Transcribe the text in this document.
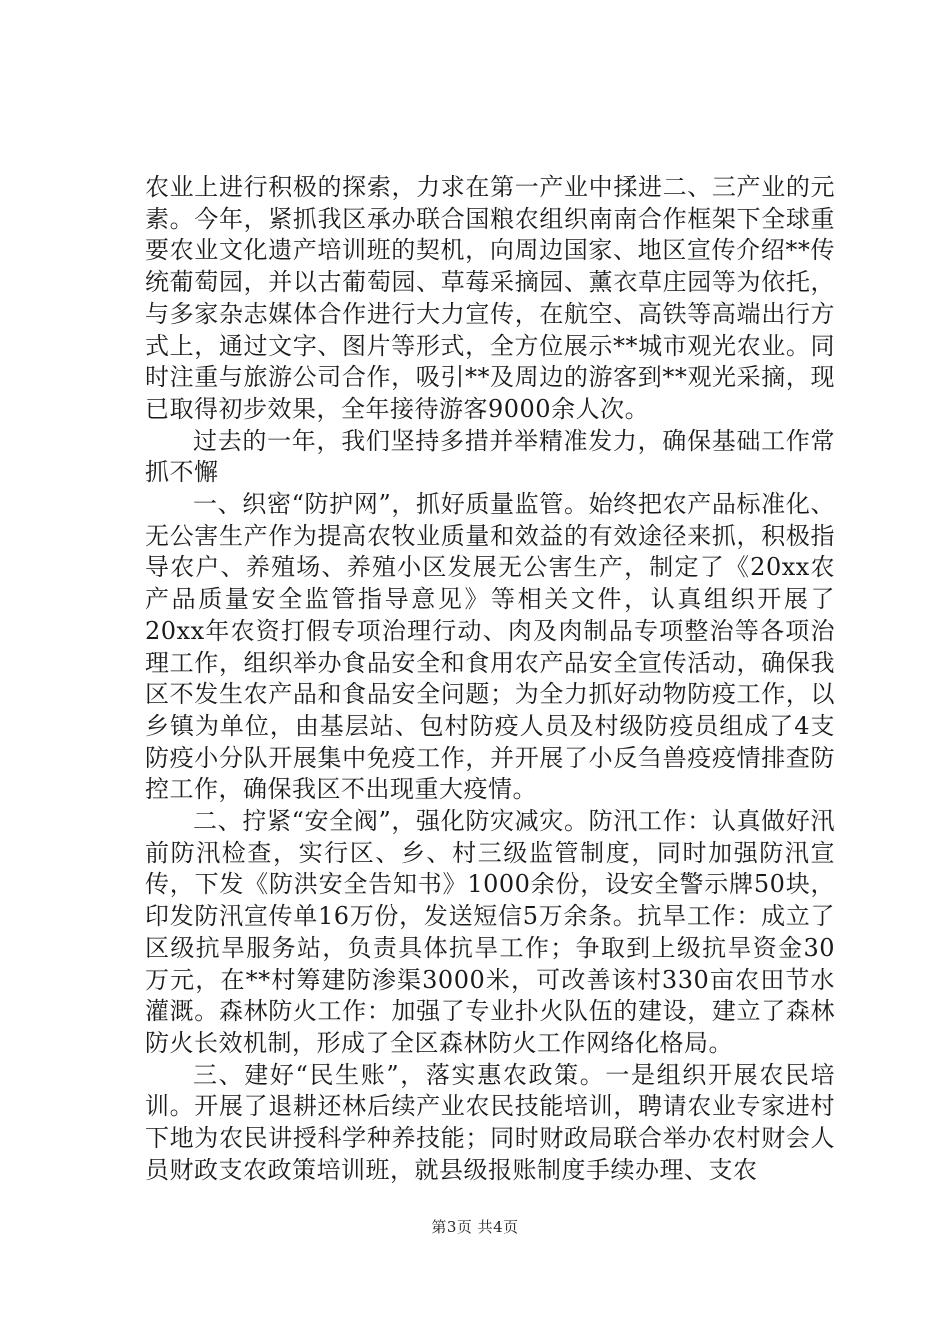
农业上进行积极的探索，力求在第一产业中揉进二、三产业的元素。今年，紧抓我区承办联合国粮农组织南南合作框架下全球重要农业文化遗产培训班的契机，向周边国家、地区宣传介绍**传统葡萄园，并以古葡萄园、草莓采摘园、薰衣草庄园等为依托，与多家杂志媒体合作进行大力宣传，在航空、高铁等高端出行方式上，通过文字、图片等形式，全方位展示**城市观光农业。同时注重与旅游公司合作，吸引**及周边的游客到**观光采摘，现已取得初步效果，全年接待游客9000余人次。

过去的一年，我们坚持多措并举精准发力，确保基础工作常抓不懈

一、织密“防护网”，抓好质量监管。始终把农产品标准化、无公害生产作为提高农牧业质量和效益的有效途径来抓，积极指导农户、养殖场、养殖小区发展无公害生产，制定了《20xx农产品质量安全监管指导意见》等相关文件，认真组织开展了20xx年农资打假专项治理行动、肉及肉制品专项整治等各项治理工作，组织举办食品安全和食用农产品安全宣传活动，确保我区不发生农产品和食品安全问题；为全力抓好动物防疫工作，以乡镇为单位，由基层站、包村防疫人员及村级防疫员组成了4支防疫小分队开展集中免疫工作，并开展了小反刍兽疫疫情排查防控工作，确保我区不出现重大疫情。

二、拧紧“安全阀”，强化防灾减灾。防汛工作：认真做好汛前防汛检查，实行区、乡、村三级监管制度，同时加强防汛宣传，下发《防洪安全告知书》1000余份，设安全警示牌50块，印发防汛宣传单16万份，发送短信5万余条。抗旱工作：成立了区级抗旱服务站，负责具体抗旱工作；争取到上级抗旱资金30万元，在**村筹建防渗渠3000米，可改善该村330亩农田节水灌溉。森林防火工作：加强了专业扑火队伍的建设，建立了森林防火长效机制，形成了全区森林防火工作网络化格局。

三、建好“民生账”，落实惠农政策。一是组织开展农民培训。开展了退耕还林后续产业农民技能培训，聘请农业专家进村下地为农民讲授科学种养技能；同时财政局联合举办农村财会人员财政支农政策培训班，就县级报账制度手续办理、支农

第3页 共4页
